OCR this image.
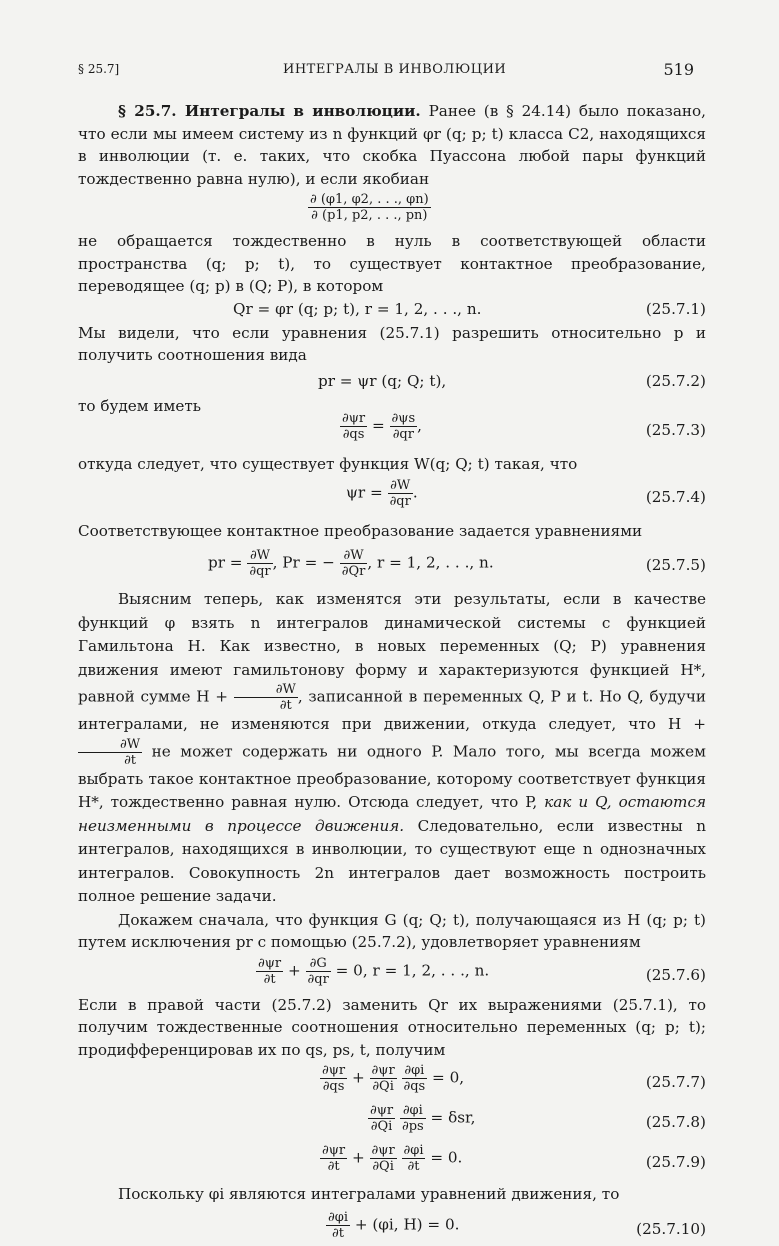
§ 25.7]	ИНТЕГРАЛЫ В ИНВОЛЮЦИИ	519

§ 25.7. Интегралы в инволюции. Ранее (в § 24.14) было показано, что если мы имеем систему из n функций φr (q; p; t) класса C2, находящихся в инволюции (т. е. таких, что скобка Пуассона любой пары функций тождественно равна нулю), и если якобиан

$\frac{\partial (\varphi 1, \varphi 2, . . ., \varphi n)}{\partial (p1, p2, . . ., pn)}$

не обращается тождественно в нуль в соответствующей области пространства (q; p; t), то существует контактное преобразование, переводящее (q; p) в (Q; P), в котором

Qr = φr (q; p; t), r = 1, 2, . . ., n.	(25.7.1)

Мы видели, что если уравнения (25.7.1) разрешить относительно p и получить соотношения вида

pr = ψr (q; Q; t),	(25.7.2)

то будем иметь

$\frac{\partial\psi r}{\partial qs} = \frac{\partial\psi s}{\partial qr}$ ,	(25.7.3)

откуда следует, что существует функция W(q; Q; t) такая, что

$\psi r = \frac{\partial W}{\partial qr}$ .	(25.7.4)

Соответствующее контактное преобразование задается уравнениями

pr = $\frac{\partial W}{\partial qr}$ , Pr = − $\frac{\partial W}{\partial Qr}$ , r = 1, 2, . . ., n.	(25.7.5)

Выясним теперь, как изменятся эти результаты, если в качестве функций φ взять n интегралов динамической системы с функцией Гамильтона H. Как известно, в новых переменных (Q; P) уравнения движения имеют гамильтонову форму и характеризуются функцией H*, равной сумме $H + \frac{\partial W}{\partial t}$ , записанной в переменных Q, P и t. Но Q, будучи интегралами, не изменяются при движении, откуда следует, что H +
$\frac{\partial W}{\partial t}$ не может содержать ни одного P. Мало того, мы всегда можем выбрать такое контактное преобразование, которому соответствует функция H*, тождественно равная нулю. Отсюда следует, что P, как и Q, остаются неизменными в процессе движения. Следовательно, если известны n интегралов, находящихся в инволюции, то существуют еще n однозначных интегралов. Совокупность 2n интегралов дает возможность построить полное решение задачи.

Докажем сначала, что функция G (q; Q; t), получающаяся из H (q; p; t) путем исключения pr с помощью (25.7.2), удовлетворяет уравнениям

$\frac{\partial\psi r}{\partial t} + \frac{\partial G}{\partial qr} = 0$, r = 1, 2, . . ., n.	(25.7.6)

Если в правой части (25.7.2) заменить Qr их выражениями (25.7.1), то получим тождественные соотношения относительно переменных (q; p; t); продифференцировав их по qs, ps, t, получим

$\frac{\partial\psi r}{\partial qs} + \frac{\partial\psi r}{\partial Qi}$
$\frac{\partial\varphi i}{\partial qs} = 0$,	(25.7.7)
$\frac{\partial\psi r}{\partial Qi}$
$\frac{\partial\varphi i}{\partial ps} = \delta sr$,	(25.7.8)
$\frac{\partial\psi r}{\partial t} + \frac{\partial\psi r}{\partial Qi}$
$\frac{\partial\varphi i}{\partial t} = 0$.	(25.7.9)

Поскольку φi являются интегралами уравнений движения, то

$\frac{\partial\varphi i}{\partial t} + (\varphi i$, H) = 0.	(25.7.10)
